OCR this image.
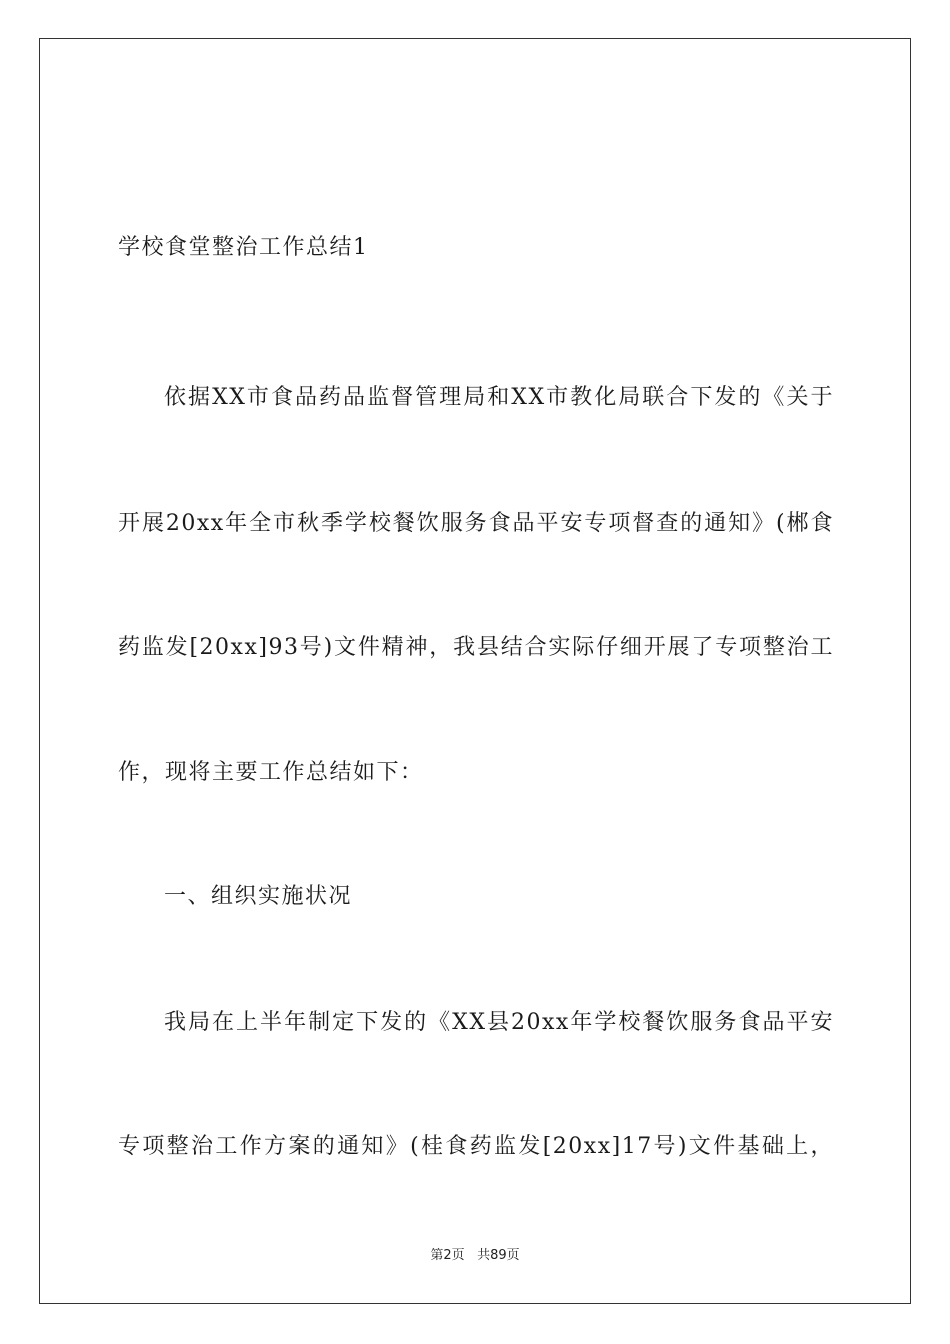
学校食堂整治工作总结1
依据XX市食品药品监督管理局和XX市教化局联合下发的《关于
开展20xx年全市秋季学校餐饮服务食品平安专项督查的通知》(郴食
药监发[20xx]93号)文件精神，我县结合实际仔细开展了专项整治工
作，现将主要工作总结如下：
一、组织实施状况
我局在上半年制定下发的《XX县20xx年学校餐饮服务食品平安
专项整治工作方案的通知》(桂食药监发[20xx]17号)文件基础上，
第2页 共89页
